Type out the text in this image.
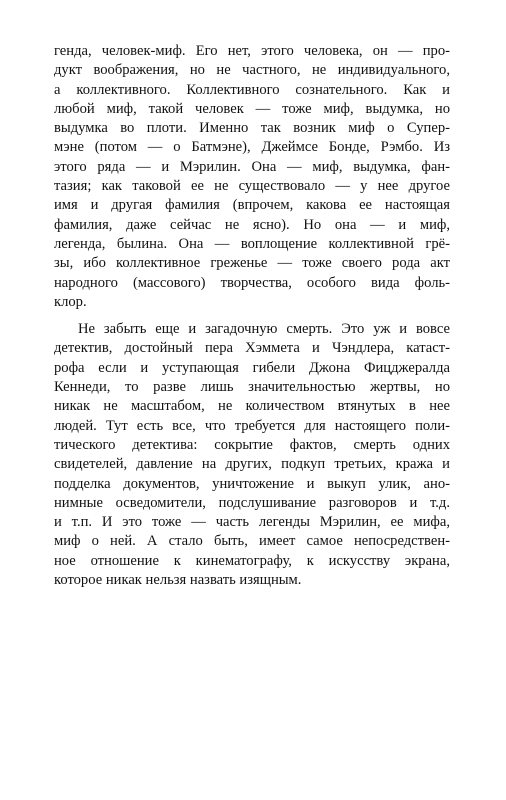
генда, человек-миф. Его нет, этого человека, он — про-
дукт воображения, но не частного, не индивидуального,
а коллективного. Коллективного сознательного. Как и
любой миф, такой человек — тоже миф, выдумка, но
выдумка во плоти. Именно так возник миф о Супер-
мэне (потом — о Батмэне), Джеймсе Бонде, Рэмбо. Из
этого ряда — и Мэрилин. Она — миф, выдумка, фан-
тазия; как таковой ее не существовало — у нее другое
имя и другая фамилия (впрочем, какова ее настоящая
фамилия, даже сейчас не ясно). Но она — и миф,
легенда, былина. Она — воплощение коллективной грё-
зы, ибо коллективное греженье — тоже своего рода акт
народного (массового) творчества, особого вида фоль-
клор.
Не забыть еще и загадочную смерть. Это уж и вовсе
детектив, достойный пера Хэммета и Чэндлера, катаст-
рофа если и уступающая гибели Джона Фицджералда
Кеннеди, то разве лишь значительностью жертвы, но
никак не масштабом, не количеством втянутых в нее
людей. Тут есть все, что требуется для настоящего поли-
тического детектива: сокрытие фактов, смерть одних
свидетелей, давление на других, подкуп третьих, кража и
подделка документов, уничтожение и выкуп улик, ано-
нимные осведомители, подслушивание разговоров и т.д.
и т.п. И это тоже — часть легенды Мэрилин, ее мифа,
миф о ней. А стало быть, имеет самое непосредствен-
ное отношение к кинематографу, к искусству экрана,
которое никак нельзя назвать изящным.
